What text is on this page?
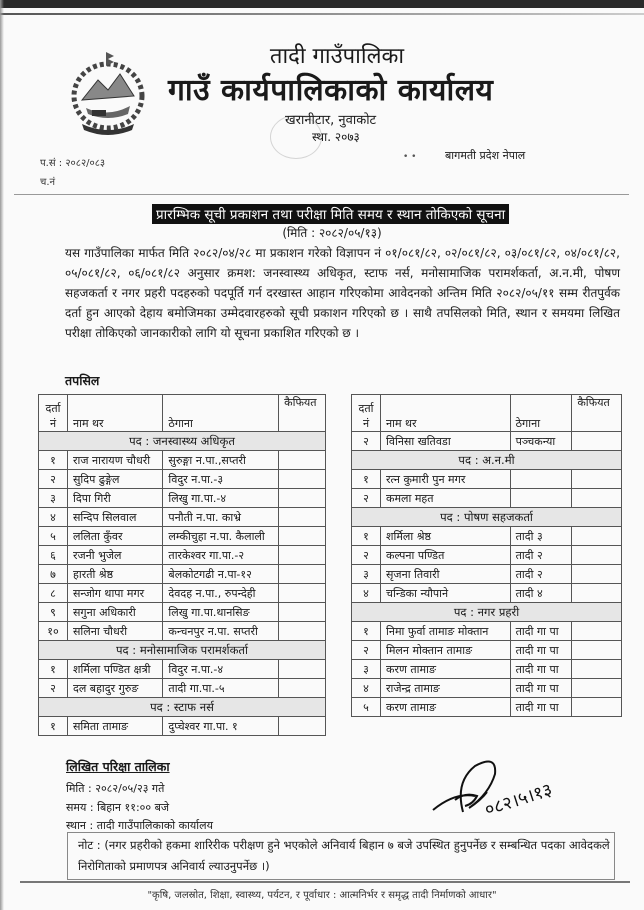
तादी गाउँपालिका
गाउँ कार्यपालिकाको कार्यालय
खरानीटार, नुवाकोट
स्था. २०७३
• •	बागमती प्रदेश नेपाल
प.सं : २०८२/०८३
च.नं
प्रारम्भिक सूची प्रकाशन तथा परीक्षा मिति समय र स्थान तोकिएको सूचना
(मिति : २०८२/०५/१३)
यस गाउँपालिका मार्फत मिति २०८२/०४/२८ मा प्रकाशन गरेको विज्ञापन नं ०१/०८१/८२, ०२/०८१/८२, ०३/०८१/८२, ०४/०८१/८२, ०५/०८१/८२, ०६/०८१/८२ अनुसार क्रमश: जनस्वास्थ्य अधिकृत, स्टाफ नर्स, मनोसामाजिक परामर्शकर्ता, अ.न.मी, पोषण सहजकर्ता र नगर प्रहरी पदहरुको पदपूर्ति गर्न दरखास्त आहान गरिएकोमा आवेदनको अन्तिम मिति २०८२/०५/११ सम्म रीतपुर्वक दर्ता हुन आएको देहाय बमोजिमका उम्मेदवारहरुको सूची प्रकाशन गरिएको छ । साथै तपसिलको मिति, स्थान र समयमा लिखित परीक्षा तोकिएको जानकारीको लागि यो सूचना प्रकाशित गरिएको छ ।
तपसिल
दर्ता नं	नाम थर	ठेगाना	कैफियत
पद : जनस्वास्थ्य अधिकृत			
१	राज नारायण चौधरी	सुरुङ्गा न.पा.,सप्तरी	
२	सुदिप ढुङ्गेल	विदुर न.पा.-३	
३	दिपा गिरी	लिखु गा.पा.-४	
४	सन्दिप सिलवाल	पनौती न.पा. काभ्रे	
५	ललिता कुँवर	लम्कीचुहा न.पा. कैलाली	
६	रजनी भुजेल	तारकेश्वर गा.पा.-२	
७	हारती श्रेष्ठ	बेलकोटगढी न.पा-१२	
८	सन्जोग थापा मगर	देवदह न.पा., रुपन्देही	
९	सगुना अधिकारी	लिखु गा.पा.थानसिङ	
१०	सलिना चौधरी	कन्चनपुर न.पा. सप्तरी	
पद : मनोसामाजिक परामर्शकर्ता			
१	शर्मिला पण्डित क्षत्री	विदुर न.पा.-४	
२	दल बहादुर गुरुङ	तादी गा.पा.-५	
पद : स्टाफ नर्स			
१	समिता तामाङ	दुप्चेश्वर गा.पा. १	
दर्ता नं	नाम थर	ठेगाना	कैफियत
२	विनिसा खतिवडा	पञ्चकन्या	
पद : अ.न.मी			
१	रत्न कुमारी पुन मगर		
२	कमला महत		
पद : पोषण सहजकर्ता			
१	शर्मिला श्रेष्ठ	तादी ३	
२	कल्पना पण्डित	तादी २	
३	सृजना तिवारी	तादी २	
४	चन्डिका न्यौपाने	तादी ४	
पद : नगर प्रहरी			
१	निमा फुर्वा तामाङ मोक्तान	तादी गा पा	
२	मिलन मोक्तान तामाङ	तादी गा पा	
३	करण तामाङ	तादी गा पा	
४	राजेन्द्र तामाङ	तादी गा पा	
५	करण तामाङ	तादी गा पा	
लिखित परिक्षा तालिका
मिति : २०८२/०५/२३ गते
समय : बिहान ११:०० बजे
स्थान : तादी गाउँपालिकाको कार्यालय
०८२।५।१३
नोट : (नगर प्रहरीको हकमा शारिरीक परीक्षण हुने भएकोले अनिवार्य बिहान ७ बजे उपस्थित हुनुपर्नेछ र सम्बन्धित पदका आवेदकले निरोगिताको प्रमाणपत्र अनिवार्य ल्याउनुपर्नेछ ।)
"कृषि, जलस्रोत, शिक्षा, स्वास्थ्य, पर्यटन, र पूर्वाधार : आत्मनिर्भर र समृद्ध तादी निर्माणको आधार"
